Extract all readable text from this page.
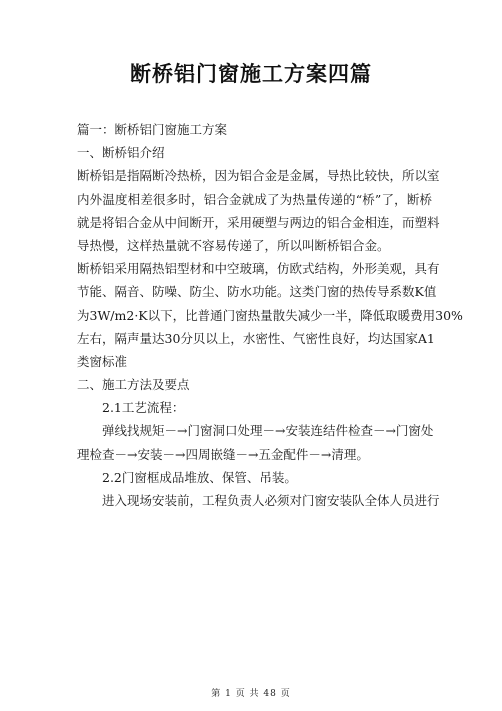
断桥铝门窗施工方案四篇
篇一：断桥铝门窗施工方案
一、断桥铝介绍
断桥铝是指隔断冷热桥，因为铝合金是金属，导热比较快，所以室
内外温度相差很多时，铝合金就成了为热量传递的“桥”了，断桥
就是将铝合金从中间断开，采用硬塑与两边的铝合金相连，而塑料
导热慢，这样热量就不容易传递了，所以叫断桥铝合金。
断桥铝采用隔热铝型材和中空玻璃，仿欧式结构，外形美观，具有
节能、隔音、防噪、防尘、防水功能。这类门窗的热传导系数K值
为3W/m2·K以下，比普通门窗热量散失减少一半，降低取暖费用30%
左右，隔声量达30分贝以上，水密性、气密性良好，均达国家A1
类窗标准
二、施工方法及要点
2.1工艺流程：
弹线找规矩－→门窗洞口处理－→安装连结件检查－→门窗处
理检查－→安装－→四周嵌缝－→五金配件－→清理。
2.2门窗框成品堆放、保管、吊装。
进入现场安装前，工程负责人必须对门窗安装队全体人员进行
第 1 页 共 48 页
